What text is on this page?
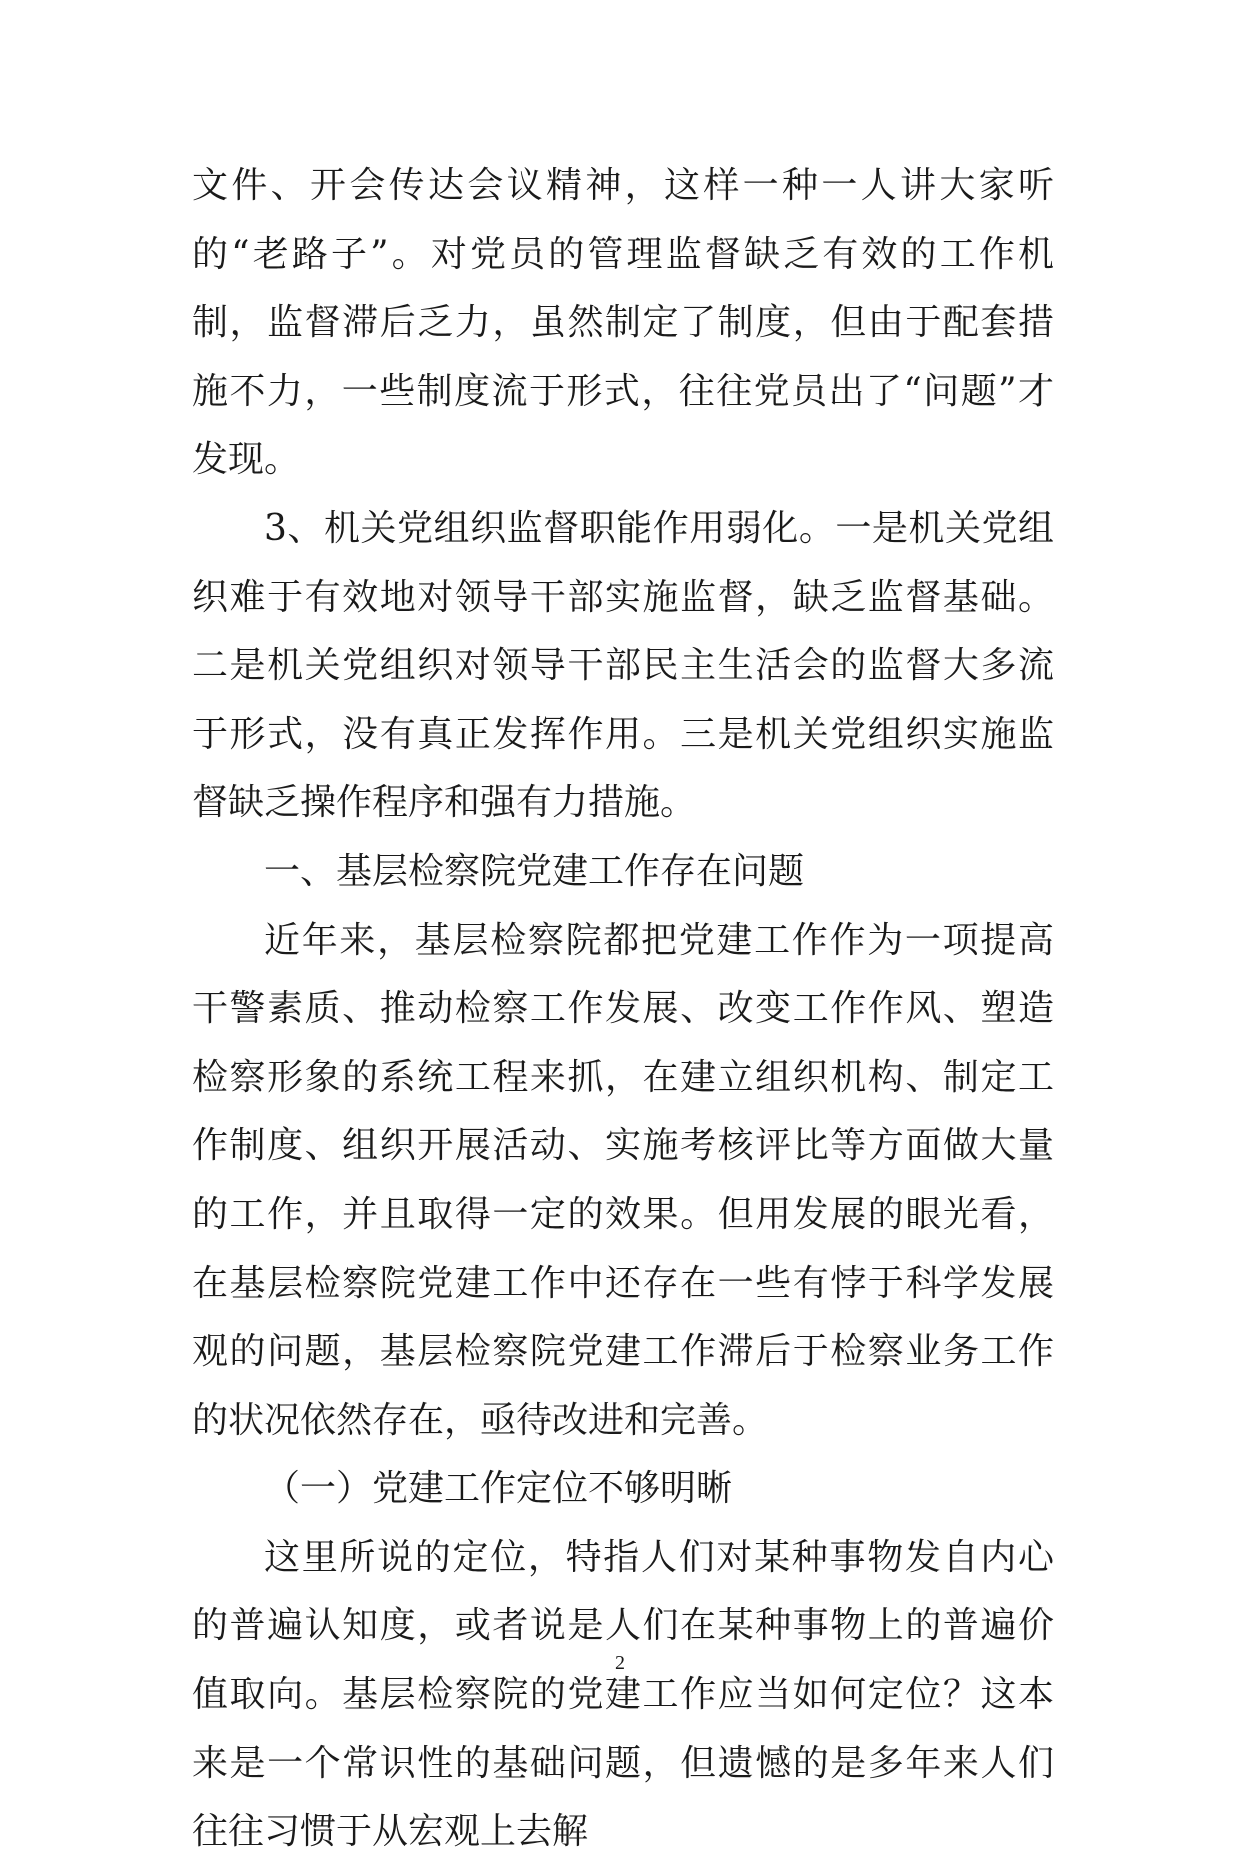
文件、开会传达会议精神，这样一种一人讲大家听的“老路子”。对党员的管理监督缺乏有效的工作机制，监督滞后乏力，虽然制定了制度，但由于配套措施不力，一些制度流于形式，往往党员出了“问题”才发现。

3、机关党组织监督职能作用弱化。一是机关党组织难于有效地对领导干部实施监督，缺乏监督基础。二是机关党组织对领导干部民主生活会的监督大多流于形式，没有真正发挥作用。三是机关党组织实施监督缺乏操作程序和强有力措施。

一、基层检察院党建工作存在问题

近年来，基层检察院都把党建工作作为一项提高干警素质、推动检察工作发展、改变工作作风、塑造检察形象的系统工程来抓，在建立组织机构、制定工作制度、组织开展活动、实施考核评比等方面做大量的工作，并且取得一定的效果。但用发展的眼光看，在基层检察院党建工作中还存在一些有悖于科学发展观的问题，基层检察院党建工作滞后于检察业务工作的状况依然存在，亟待改进和完善。

（一）党建工作定位不够明晰

这里所说的定位，特指人们对某种事物发自内心的普遍认知度，或者说是人们在某种事物上的普遍价值取向。基层检察院的党建工作应当如何定位？这本来是一个常识性的基础问题，但遗憾的是多年来人们往往习惯于从宏观上去解

2
